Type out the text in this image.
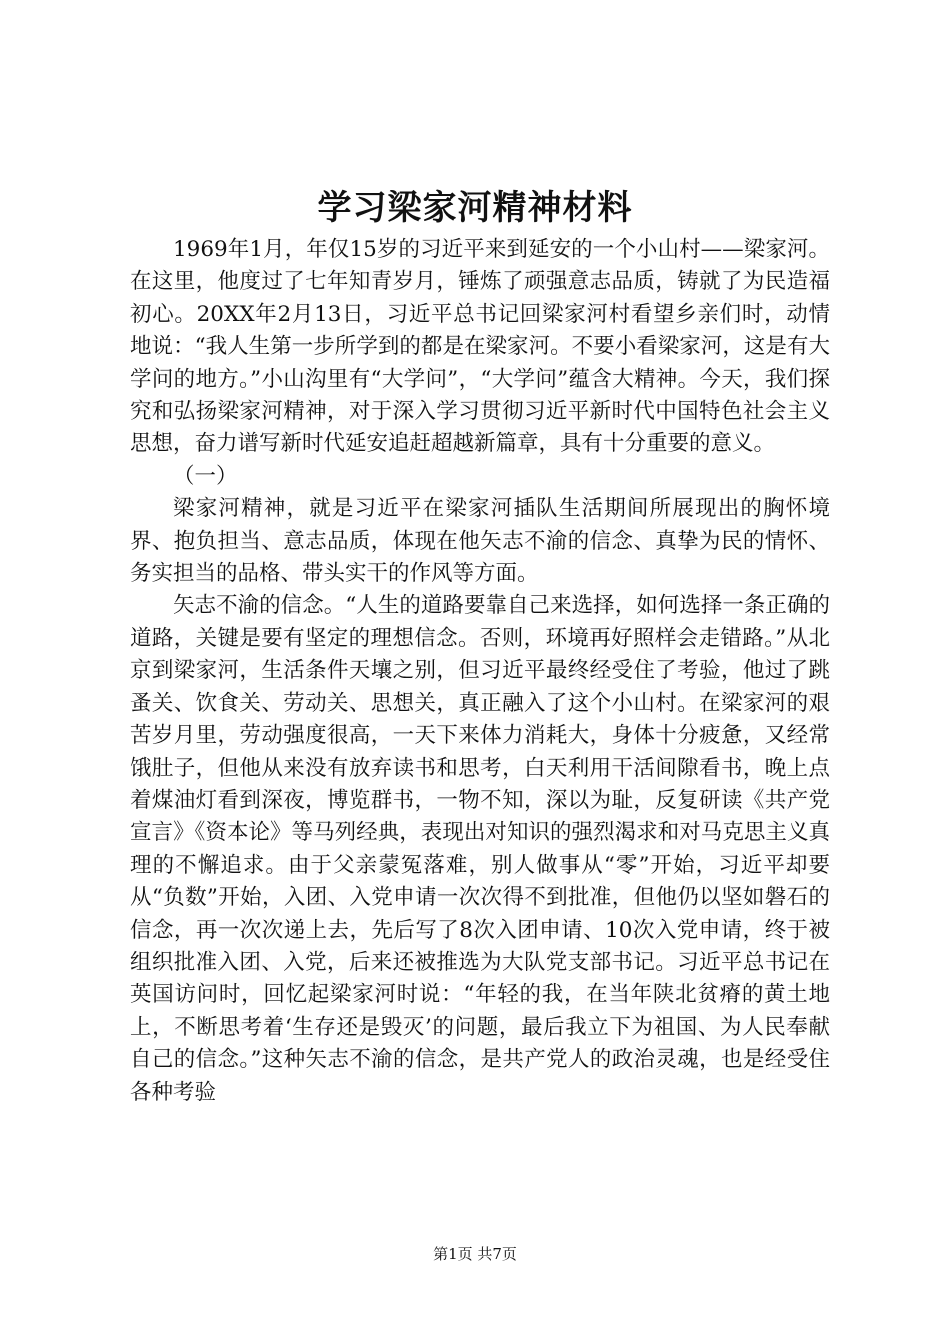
学习梁家河精神材料

1969年1月，年仅15岁的习近平来到延安的一个小山村——梁家河。在这里，他度过了七年知青岁月，锤炼了顽强意志品质，铸就了为民造福初心。20XX年2月13日，习近平总书记回梁家河村看望乡亲们时，动情地说：“我人生第一步所学到的都是在梁家河。不要小看梁家河，这是有大学问的地方。”小山沟里有“大学问”，“大学问”蕴含大精神。今天，我们探究和弘扬梁家河精神，对于深入学习贯彻习近平新时代中国特色社会主义思想，奋力谱写新时代延安追赶超越新篇章，具有十分重要的意义。

（一）

梁家河精神，就是习近平在梁家河插队生活期间所展现出的胸怀境界、抱负担当、意志品质，体现在他矢志不渝的信念、真挚为民的情怀、务实担当的品格、带头实干的作风等方面。

矢志不渝的信念。“人生的道路要靠自己来选择，如何选择一条正确的道路，关键是要有坚定的理想信念。否则，环境再好照样会走错路。”从北京到梁家河，生活条件天壤之别，但习近平最终经受住了考验，他过了跳蚤关、饮食关、劳动关、思想关，真正融入了这个小山村。在梁家河的艰苦岁月里，劳动强度很高，一天下来体力消耗大，身体十分疲惫，又经常饿肚子，但他从来没有放弃读书和思考，白天利用干活间隙看书，晚上点着煤油灯看到深夜，博览群书，一物不知，深以为耻，反复研读《共产党宣言》《资本论》等马列经典，表现出对知识的强烈渴求和对马克思主义真理的不懈追求。由于父亲蒙冤落难，别人做事从“零”开始，习近平却要从“负数”开始，入团、入党申请一次次得不到批准，但他仍以坚如磐石的信念，再一次次递上去，先后写了8次入团申请、10次入党申请，终于被组织批准入团、入党，后来还被推选为大队党支部书记。习近平总书记在英国访问时，回忆起梁家河时说：“年轻的我，在当年陕北贫瘠的黄土地上，不断思考着‘生存还是毁灭’的问题，最后我立下为祖国、为人民奉献自己的信念。”这种矢志不渝的信念，是共产党人的政治灵魂，也是经受住各种考验

第1页 共7页
